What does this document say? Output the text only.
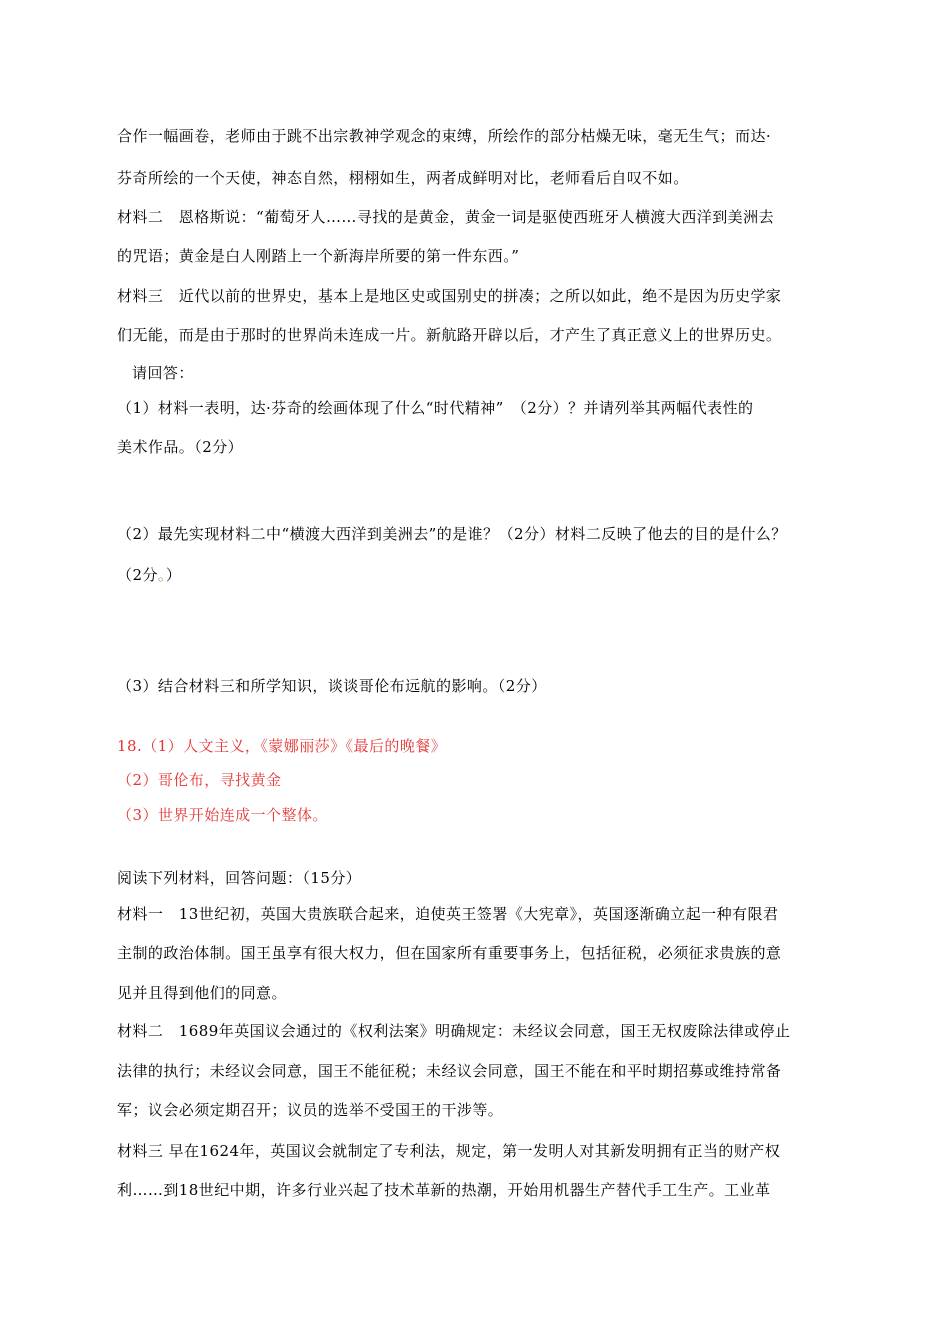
合作一幅画卷，老师由于跳不出宗教神学观念的束缚，所绘作的部分枯燥无味，毫无生气；而达·
芬奇所绘的一个天使，神态自然，栩栩如生，两者成鲜明对比，老师看后自叹不如。
材料二　恩格斯说：“葡萄牙人……寻找的是黄金，黄金一词是驱使西班牙人横渡大西洋到美洲去
的咒语；黄金是白人刚踏上一个新海岸所要的第一件东西。”
材料三　近代以前的世界史，基本上是地区史或国别史的拼凑；之所以如此，绝不是因为历史学家
们无能，而是由于那时的世界尚未连成一片。新航路开辟以后，才产生了真正意义上的世界历史。
请回答：
（1）材料一表明，达·芬奇的绘画体现了什么“时代精神”　（2分）？并请列举其两幅代表性的
美术作品。（2分）
（2）最先实现材料二中“横渡大西洋到美洲去”的是谁？（2分）材料二反映了他去的目的是什么？
（2分。）
（3）结合材料三和所学知识，谈谈哥伦布远航的影响。（2分）
18.（1）人文主义，《蒙娜丽莎》《最后的晚餐》
（2）哥伦布，寻找黄金
（3）世界开始连成一个整体。
阅读下列材料，回答问题：（15分）
材料一　13世纪初，英国大贵族联合起来，迫使英王签署《大宪章》，英国逐渐确立起一种有限君
主制的政治体制。国王虽享有很大权力，但在国家所有重要事务上，包括征税，必须征求贵族的意
见并且得到他们的同意。
材料二　1689年英国议会通过的《权利法案》明确规定：未经议会同意，国王无权废除法律或停止
法律的执行；未经议会同意，国王不能征税；未经议会同意，国王不能在和平时期招募或维持常备
军；议会必须定期召开；议员的选举不受国王的干涉等。
材料三 早在1624年，英国议会就制定了专利法，规定，第一发明人对其新发明拥有正当的财产权
利……到18世纪中期，许多行业兴起了技术革新的热潮，开始用机器生产替代手工生产。工业革
